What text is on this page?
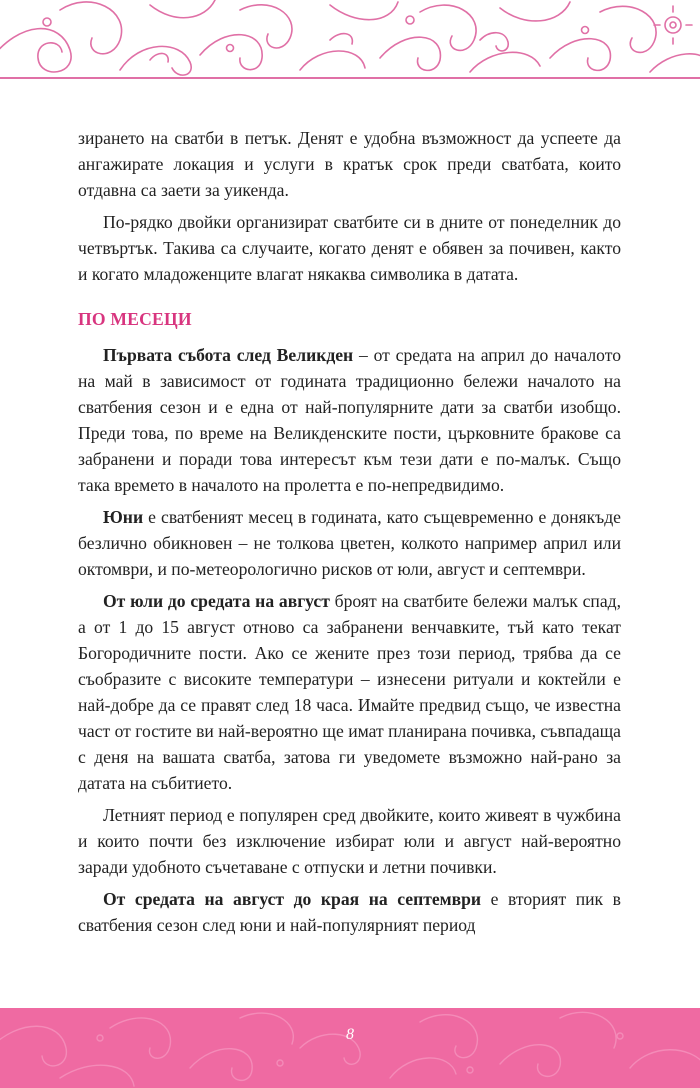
зирането на сватби в петък. Денят е удобна възможност да успеете да ангажирате локация и услуги в кратък срок преди сватбата, които отдавна са заети за уикенда.

По-рядко двойки организират сватбите си в дните от понеделник до четвъртък. Такива са случаите, когато денят е обявен за почивен, както и когато младоженците влагат някаква символика в датата.

ПО МЕСЕЦИ

Първата събота след Великден – от средата на април до началото на май в зависимост от годината традиционно бележи началото на сватбения сезон и е една от най-популярните дати за сватби изобщо. Преди това, по време на Великденските пости, църковните бракове са забранени и поради това интересът към тези дати е по-малък. Също така времето в началото на пролетта е по-непредвидимо.

Юни е сватбеният месец в годината, като същевременно е донякъде безлично обикновен – не толкова цветен, колкото например април или октомври, и по-метеорологично рисков от юли, август и септември.

От юли до средата на август броят на сватбите бележи малък спад, а от 1 до 15 август отново са забранени венчавките, тъй като текат Богородичните пости. Ако се жените през този период, трябва да се съобразите с високите температури – изнесени ритуали и коктейли е най-добре да се правят след 18 часа. Имайте предвид също, че известна част от гостите ви най-вероятно ще имат планирана почивка, съвпадаща с деня на вашата сватба, затова ги уведомете възможно най-рано за датата на събитието.

Летният период е популярен сред двойките, които живеят в чужбина и които почти без изключение избират юли и август най-вероятно заради удобното съчетаване с отпуски и летни почивки.

От средата на август до края на септември е вторият пик в сватбения сезон след юни и най-популярният период

8
